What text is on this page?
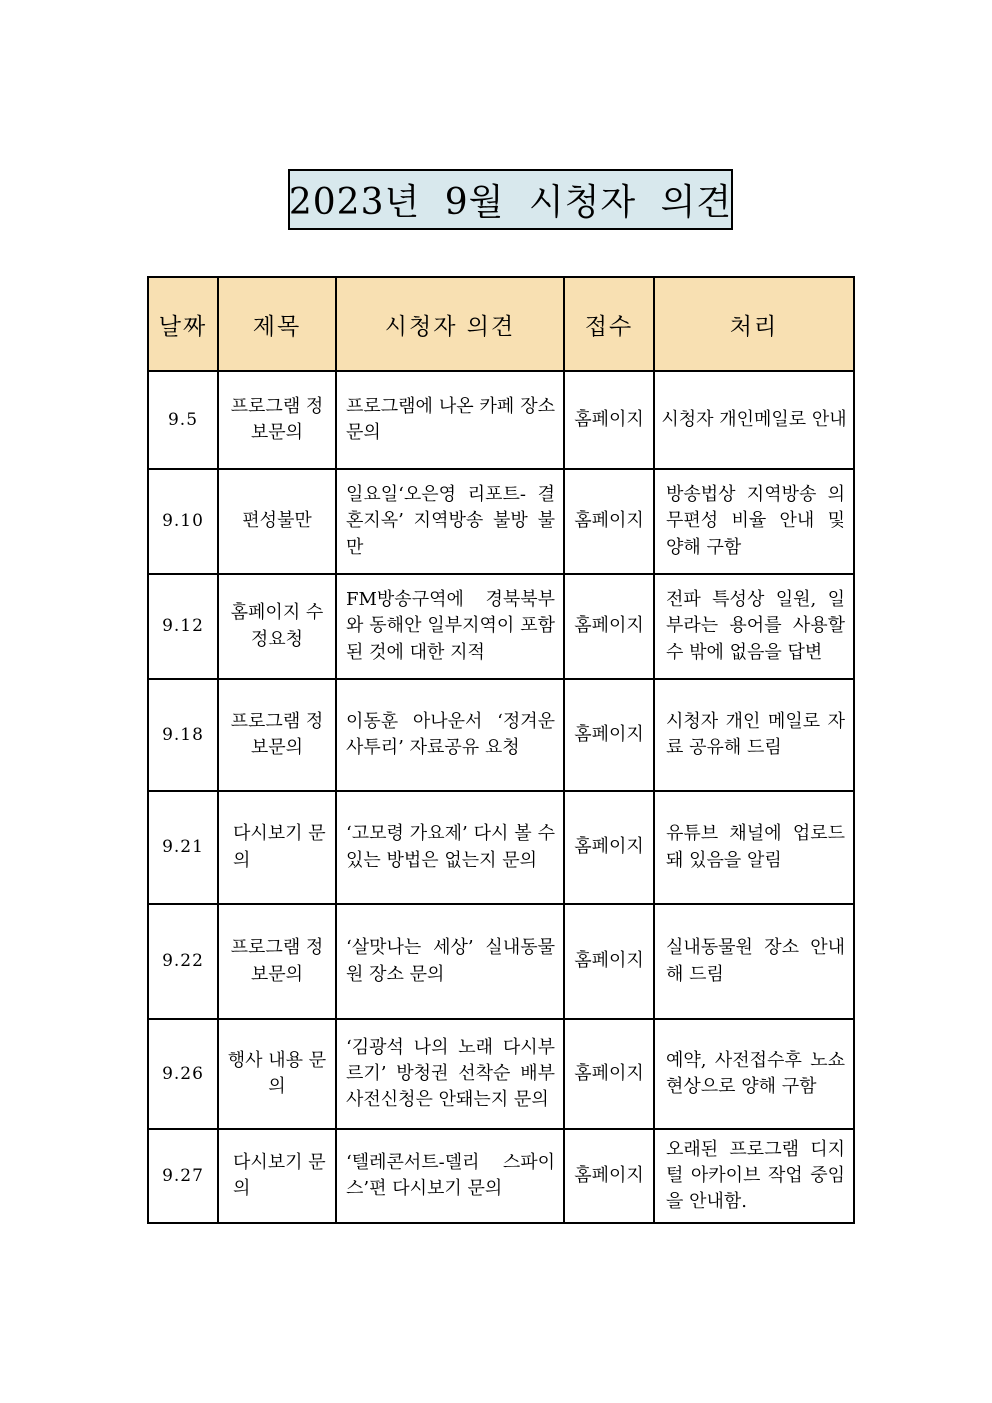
2023년 9월 시청자 의견
날짜	제목	시청자 의견	접수	처리
9.5	프로그램 정보문의	프로그램에 나온 카페 장소 문의	홈페이지	시청자 개인메일로 안내
9.10	편성불만	일요일‘오은영 리포트- 결혼지옥’ 지역방송 불방 불만	홈페이지	방송법상 지역방송 의무편성 비율 안내 및 양해 구함
9.12	홈페이지 수정요청	FM방송구역에 경북북부와 동해안 일부지역이 포함된 것에 대한 지적	홈페이지	전파 특성상 일원, 일부라는 용어를 사용할 수 밖에 없음을 답변
9.18	프로그램 정보문의	이동훈 아나운서 ‘정겨운 사투리’ 자료공유 요청	홈페이지	시청자 개인 메일로 자료 공유해 드림
9.21	다시보기 문의	‘고모령 가요제’ 다시 볼 수 있는 방법은 없는지 문의	홈페이지	유튜브 채널에 업로드 돼 있음을 알림
9.22	프로그램 정보문의	‘살맛나는 세상’ 실내동물원 장소 문의	홈페이지	실내동물원 장소 안내해 드림
9.26	행사 내용 문의	‘김광석 나의 노래 다시부르기’ 방청권 선착순 배부 사전신청은 안돼는지 문의	홈페이지	예약, 사전접수후 노쇼 현상으로 양해 구함
9.27	다시보기 문의	‘텔레콘서트-델리 스파이스’편 다시보기 문의	홈페이지	오래된 프로그램 디지털 아카이브 작업 중임을 안내함.
